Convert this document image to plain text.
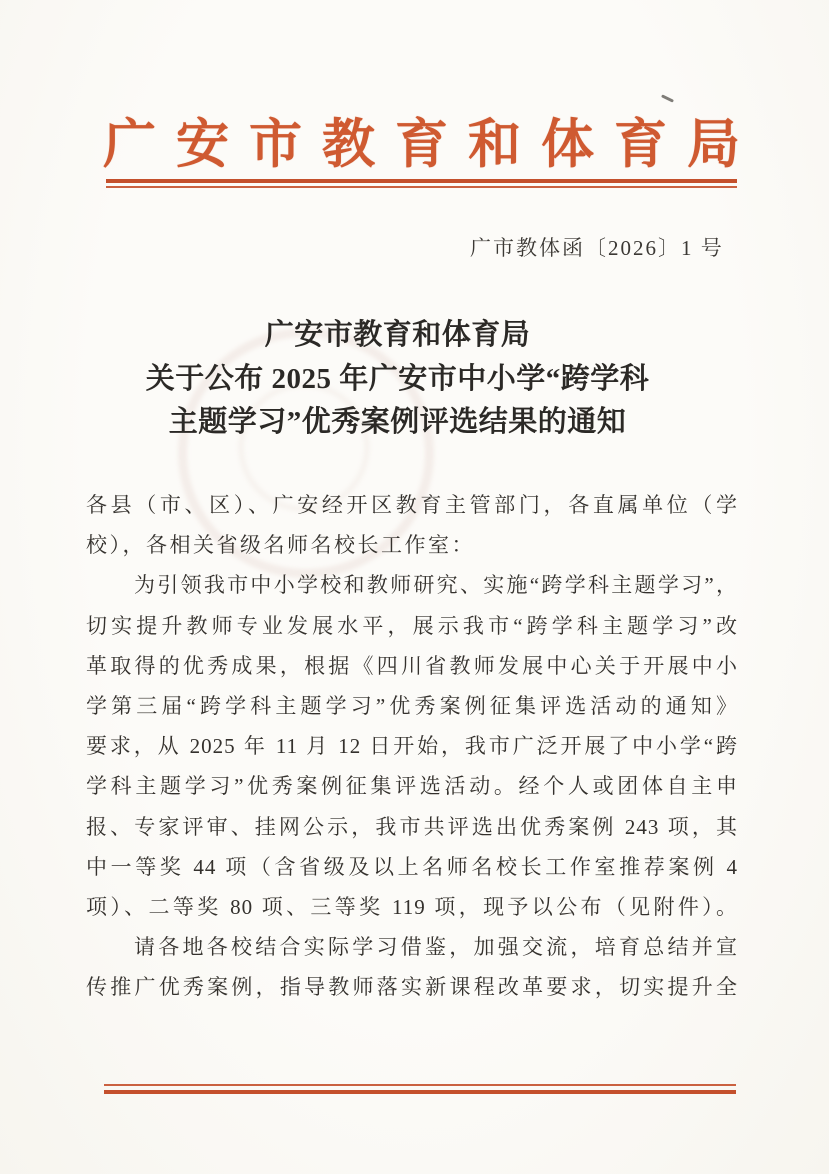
广安市教育和体育局
广市教体函〔2026〕1 号
广安市教育和体育局
关于公布 2025 年广安市中小学“跨学科
主题学习”优秀案例评选结果的通知
各县（市、区）、广安经开区教育主管部门，各直属单位（学
校），各相关省级名师名校长工作室：
为引领我市中小学校和教师研究、实施“跨学科主题学习”，
切实提升教师专业发展水平，展示我市“跨学科主题学习”改
革取得的优秀成果，根据《四川省教师发展中心关于开展中小
学第三届“跨学科主题学习”优秀案例征集评选活动的通知》
要求，从 2025 年 11 月 12 日开始，我市广泛开展了中小学“跨
学科主题学习”优秀案例征集评选活动。经个人或团体自主申
报、专家评审、挂网公示，我市共评选出优秀案例 243 项，其
中一等奖 44 项（含省级及以上名师名校长工作室推荐案例 4
项）、二等奖 80 项、三等奖 119 项，现予以公布（见附件）。
请各地各校结合实际学习借鉴，加强交流，培育总结并宣
传推广优秀案例，指导教师落实新课程改革要求，切实提升全
